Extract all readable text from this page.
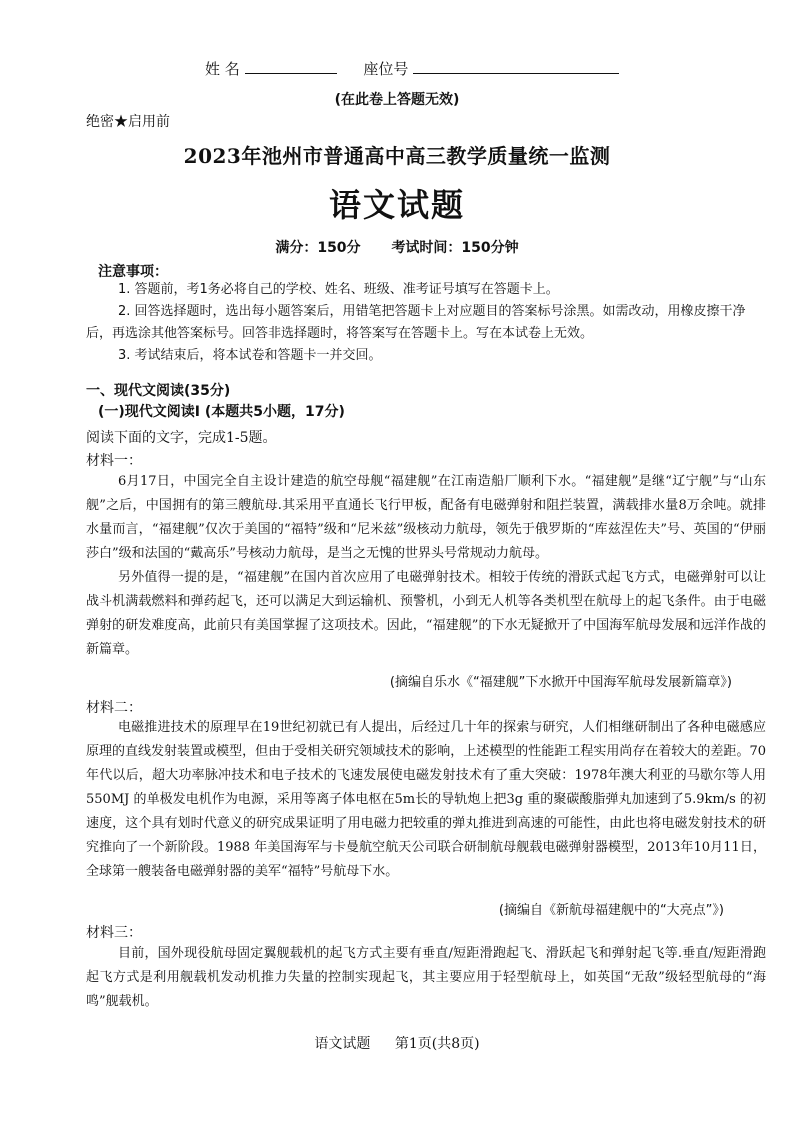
姓 名	座位号
(在此卷上答题无效)
绝密★启用前
2023年池州市普通高中高三教学质量统一监测
语文试题
满分：150分 考试时间：150分钟
注意事项：

1. 答题前，考1务必将自己的学校、姓名、班级、准考证号填写在答题卡上。

2. 回答选择题时，选出每小题答案后，用错笔把答题卡上对应题目的答案标号涂黑。如需改动，用橡皮擦干净后，再选涂其他答案标号。回答非选择题时，将答案写在答题卡上。写在本试卷上无效。

3. 考试结束后，将本试卷和答题卡一并交回。

一、现代文阅读(35分)
(一)现代文阅读Ⅰ (本题共5小题，17分)
阅读下面的文字，完成1-5题。
材料一：

6月17日，中国完全自主设计建造的航空母舰“福建舰”在江南造船厂顺利下水。“福建舰”是继“辽宁舰”与“山东舰”之后，中国拥有的第三艘航母.其采用平直通长飞行甲板，配备有电磁弹射和阻拦装置，满载排水量8万余吨。就排水量而言，“福建舰”仅次于美国的“福特”级和“尼米兹”级核动力航母，领先于俄罗斯的“库兹涅佐夫”号、英国的“伊丽莎白”级和法国的“戴高乐”号核动力航母，是当之无愧的世界头号常规动力航母。

另外值得一提的是，“福建舰”在国内首次应用了电磁弹射技术。相较于传统的滑跃式起飞方式，电磁弹射可以让战斗机满载燃料和弹药起飞，还可以满足大到运输机、预警机，小到无人机等各类机型在航母上的起飞条件。由于电磁弹射的研发难度高，此前只有美国掌握了这项技术。因此，“福建舰”的下水无疑掀开了中国海军航母发展和远洋作战的新篇章。

(摘编自乐水《“福建舰”下水掀开中国海军航母发展新篇章》)
材料二：

电磁推进技术的原理早在19世纪初就已有人提出，后经过几十年的探索与研究，人们相继研制出了各种电磁感应原理的直线发射装置或模型，但由于受相关研究领域技术的影响，上述模型的性能距工程实用尚存在着较大的差距。70年代以后，超大功率脉冲技术和电子技术的飞速发展使电磁发射技术有了重大突破：1978年澳大利亚的马歇尔等人用550MJ 的单极发电机作为电源，采用等离子体电枢在5m长的导轨炮上把3g 重的聚碳酸脂弹丸加速到了5.9km/s 的初速度，这个具有划时代意义的研究成果证明了用电磁力把较重的弹丸推进到高速的可能性，由此也将电磁发射技术的研究推向了一个新阶段。1988 年美国海军与卡曼航空航天公司联合研制航母舰载电磁弹射器模型，2013年10月11日，全球第一艘装备电磁弹射器的美军“福特”号航母下水。

(摘编自《新航母福建舰中的“大亮点”》)
材料三：

目前，国外现役航母固定翼舰载机的起飞方式主要有垂直/短距滑跑起飞、滑跃起飞和弹射起飞等.垂直/短距滑跑起飞方式是利用舰载机发动机推力失量的控制实现起飞，其主要应用于轻型航母上，如英国“无敌”级轻型航母的“海鸣”舰载机。

语文试题 第1页(共8页)
